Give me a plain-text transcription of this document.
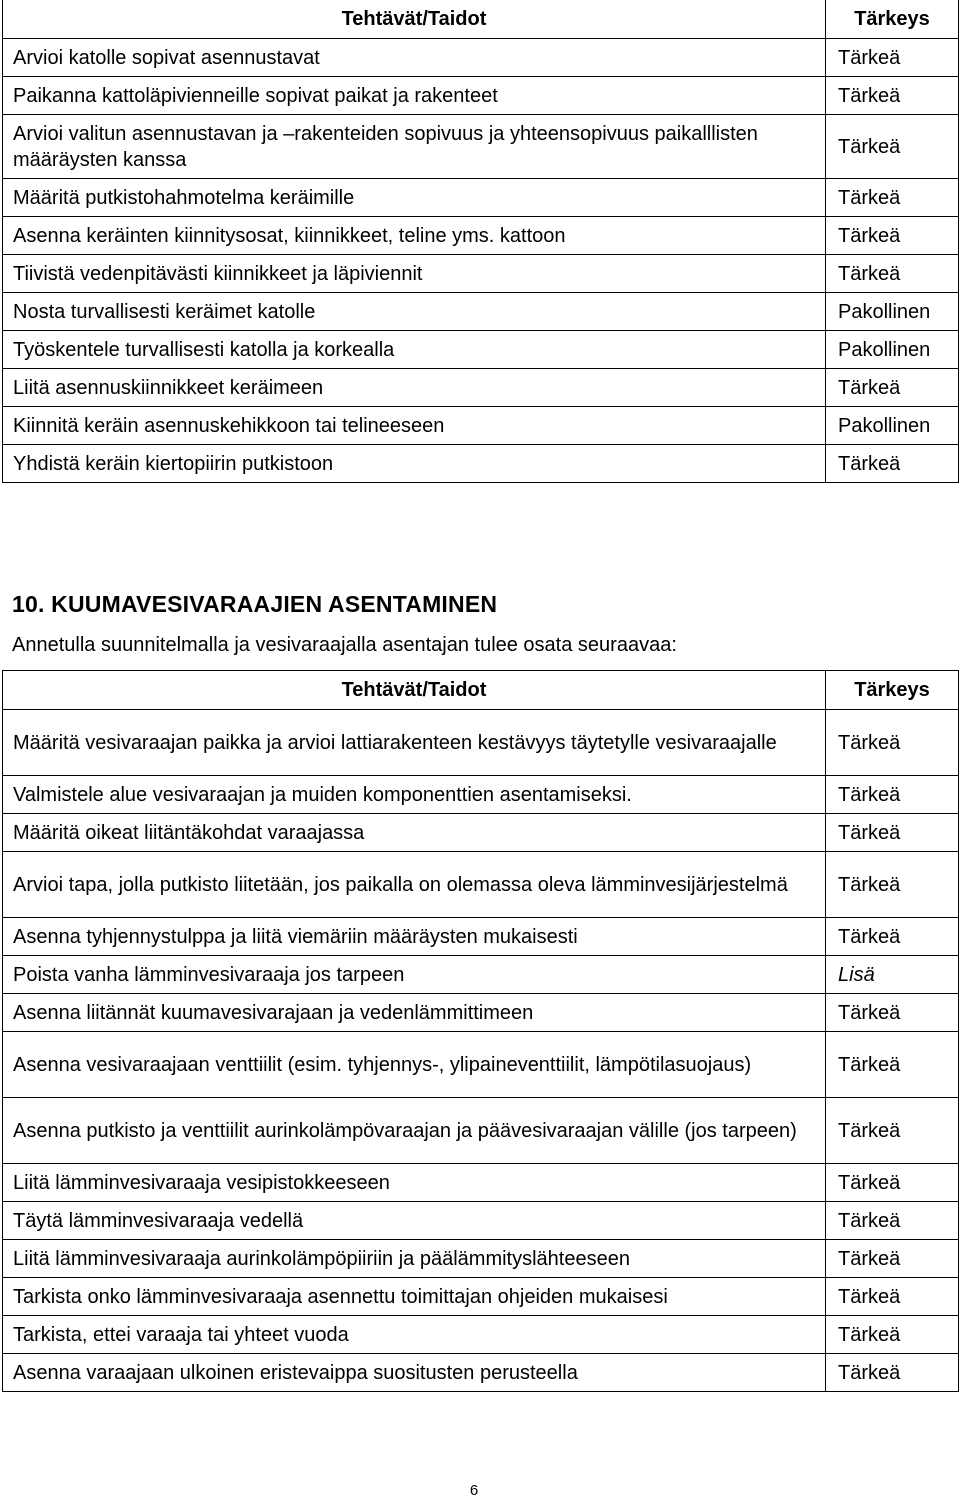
Tehtävät/Taidot	Tärkeys
Arvioi katolle sopivat asennustavat	Tärkeä
Paikanna kattoläpivienneille sopivat paikat ja rakenteet	Tärkeä
Arvioi valitun asennustavan ja –rakenteiden sopivuus ja yhteensopivuus paikalllisten määräysten kanssa	Tärkeä
Määritä putkistohahmotelma keräimille	Tärkeä
Asenna keräinten kiinnitysosat, kiinnikkeet, teline yms. kattoon	Tärkeä
Tiivistä vedenpitävästi kiinnikkeet ja läpiviennit	Tärkeä
Nosta turvallisesti keräimet katolle	Pakollinen
Työskentele turvallisesti katolla ja korkealla	Pakollinen
Liitä asennuskiinnikkeet keräimeen	Tärkeä
Kiinnitä keräin asennuskehikkoon tai telineeseen	Pakollinen
Yhdistä keräin kiertopiirin putkistoon	Tärkeä
10. KUUMAVESIVARAAJIEN ASENTAMINEN

Annetulla suunnitelmalla ja vesivaraajalla asentajan tulee osata seuraavaa:

Tehtävät/Taidot	Tärkeys
Määritä vesivaraajan paikka ja arvioi lattiarakenteen kestävyys täytetylle vesivaraajalle	Tärkeä
Valmistele alue vesivaraajan ja muiden komponenttien asentamiseksi.	Tärkeä
Määritä oikeat liitäntäkohdat varaajassa	Tärkeä
Arvioi tapa, jolla putkisto liitetään, jos paikalla on olemassa oleva lämminvesijärjestelmä	Tärkeä
Asenna tyhjennystulppa ja liitä viemäriin määräysten mukaisesti	Tärkeä
Poista vanha lämminvesivaraaja jos tarpeen	Lisä
Asenna liitännät kuumavesivarajaan ja vedenlämmittimeen	Tärkeä
Asenna vesivaraajaan venttiilit (esim. tyhjennys-, ylipaineventtiilit, lämpötilasuojaus)	Tärkeä
Asenna putkisto ja venttiilit aurinkolämpövaraajan ja päävesivaraajan välille (jos tarpeen)	Tärkeä
Liitä lämminvesivaraaja vesipistokkeeseen	Tärkeä
Täytä lämminvesivaraaja vedellä	Tärkeä
Liitä lämminvesivaraaja aurinkolämpöpiiriin ja päälämmityslähteeseen	Tärkeä
Tarkista onko lämminvesivaraaja asennettu toimittajan ohjeiden mukaisesi	Tärkeä
Tarkista, ettei varaaja tai yhteet vuoda	Tärkeä
Asenna varaajaan ulkoinen eristevaippa suositusten perusteella	Tärkeä
6
